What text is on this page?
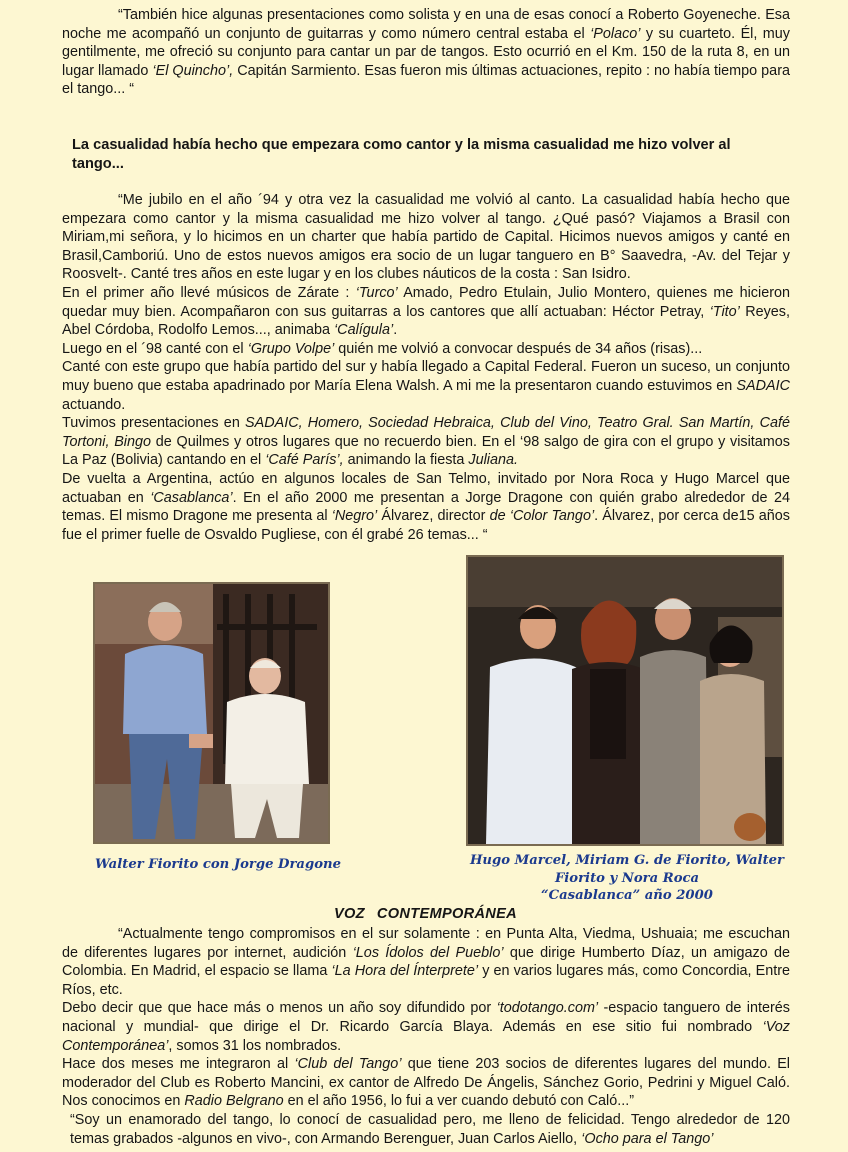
“También hice algunas presentaciones como solista y en una de esas conocí a Roberto Goyeneche. Esa noche me acompañó un conjunto de guitarras y como número central estaba el ‘Polaco’ y su cuarteto. Él, muy gentilmente, me ofreció su conjunto para cantar un par de tangos. Esto ocurrió en el Km. 150 de la ruta 8, en un lugar llamado ‘El Quincho’, Capitán Sarmiento. Esas fueron mis últimas actuaciones, repito : no había tiempo para el tango... “

La casualidad había hecho que empezara como cantor y la misma casualidad me hizo volver al tango...

“Me jubilo en el año ´94 y otra vez la casualidad me volvió al canto. La casualidad había hecho que empezara como cantor y la misma casualidad me hizo volver al tango. ¿Qué pasó? Viajamos a Brasil con Miriam,mi señora, y lo hicimos en un charter que había partido de Capital. Hicimos nuevos amigos y canté en Brasil,Camboriú. Uno de estos nuevos amigos era socio de un lugar tanguero en B° Saavedra, -Av. del Tejar y Roosvelt-. Canté tres años en este lugar y en los clubes náuticos de la costa : San Isidro.

En el primer año llevé músicos de Zárate : ‘Turco’ Amado, Pedro Etulain, Julio Montero, quienes me hicieron quedar muy bien. Acompañaron con sus guitarras a los cantores que allí actuaban: Héctor Petray, ‘Tito’ Reyes, Abel Córdoba, Rodolfo Lemos..., animaba ‘Calígula’.

Luego en el ´98 canté con el ‘Grupo Volpe’ quién me volvió a convocar después de 34 años (risas)...

Canté con este grupo que había partido del sur y había llegado a Capital Federal. Fueron un suceso, un conjunto muy bueno que estaba apadrinado por María Elena Walsh. A mi me la presentaron cuando estuvimos en SADAIC actuando.

Tuvimos presentaciones en SADAIC, Homero, Sociedad Hebraica, Club del Vino, Teatro Gral. San Martín, Café Tortoni, Bingo de Quilmes y otros lugares que no recuerdo bien. En el ‘98 salgo de gira con el grupo y visitamos La Paz (Bolivia) cantando en el ‘Café París’, animando la fiesta Juliana.

De vuelta a Argentina, actúo en algunos locales de San Telmo, invitado por Nora Roca y Hugo Marcel que actuaban en ‘Casablanca’. En el año 2000 me presentan a Jorge Dragone con quién grabo alrededor de 24 temas. El mismo Dragone me presenta al ‘Negro’ Álvarez, director de ‘Color Tango’. Álvarez, por cerca de15 años fue el primer fuelle de Osvaldo Pugliese, con él grabé 26 temas... “

Walter Fiorito con Jorge Dragone	Hugo Marcel, Miriam G. de Fiorito, Walter
Fiorito y Nora Roca
“Casablanca” año 2000
VOZ CONTEMPORÁNEA

“Actualmente tengo compromisos en el sur solamente : en Punta Alta, Viedma, Ushuaia; me escuchan de diferentes lugares por internet, audición ‘Los Ídolos del Pueblo’ que dirige Humberto Díaz, un amigazo de Colombia. En Madrid, el espacio se llama ‘La Hora del Ínterprete’ y en varios lugares más, como Concordia, Entre Ríos, etc.

Debo decir que que hace más o menos un año soy difundido por ‘todotango.com’ -espacio tanguero de interés nacional y mundial- que dirige el Dr. Ricardo García Blaya. Además en ese sitio fui nombrado ‘Voz Contemporánea’, somos 31 los nombrados.

Hace dos meses me integraron al ‘Club del Tango’ que tiene 203 socios de diferentes lugares del mundo. El moderador del Club es Roberto Mancini, ex cantor de Alfredo De Ángelis, Sánchez Gorio, Pedrini y Miguel Caló. Nos conocimos en Radio Belgrano en el año 1956, lo fui a ver cuando debutó con Caló...”

“Soy un enamorado del tango, lo conocí de casualidad pero, me lleno de felicidad. Tengo alrededor de 120 temas grabados -algunos en vivo-, con Armando Berenguer, Juan Carlos Aiello, ‘Ocho para el Tango’
